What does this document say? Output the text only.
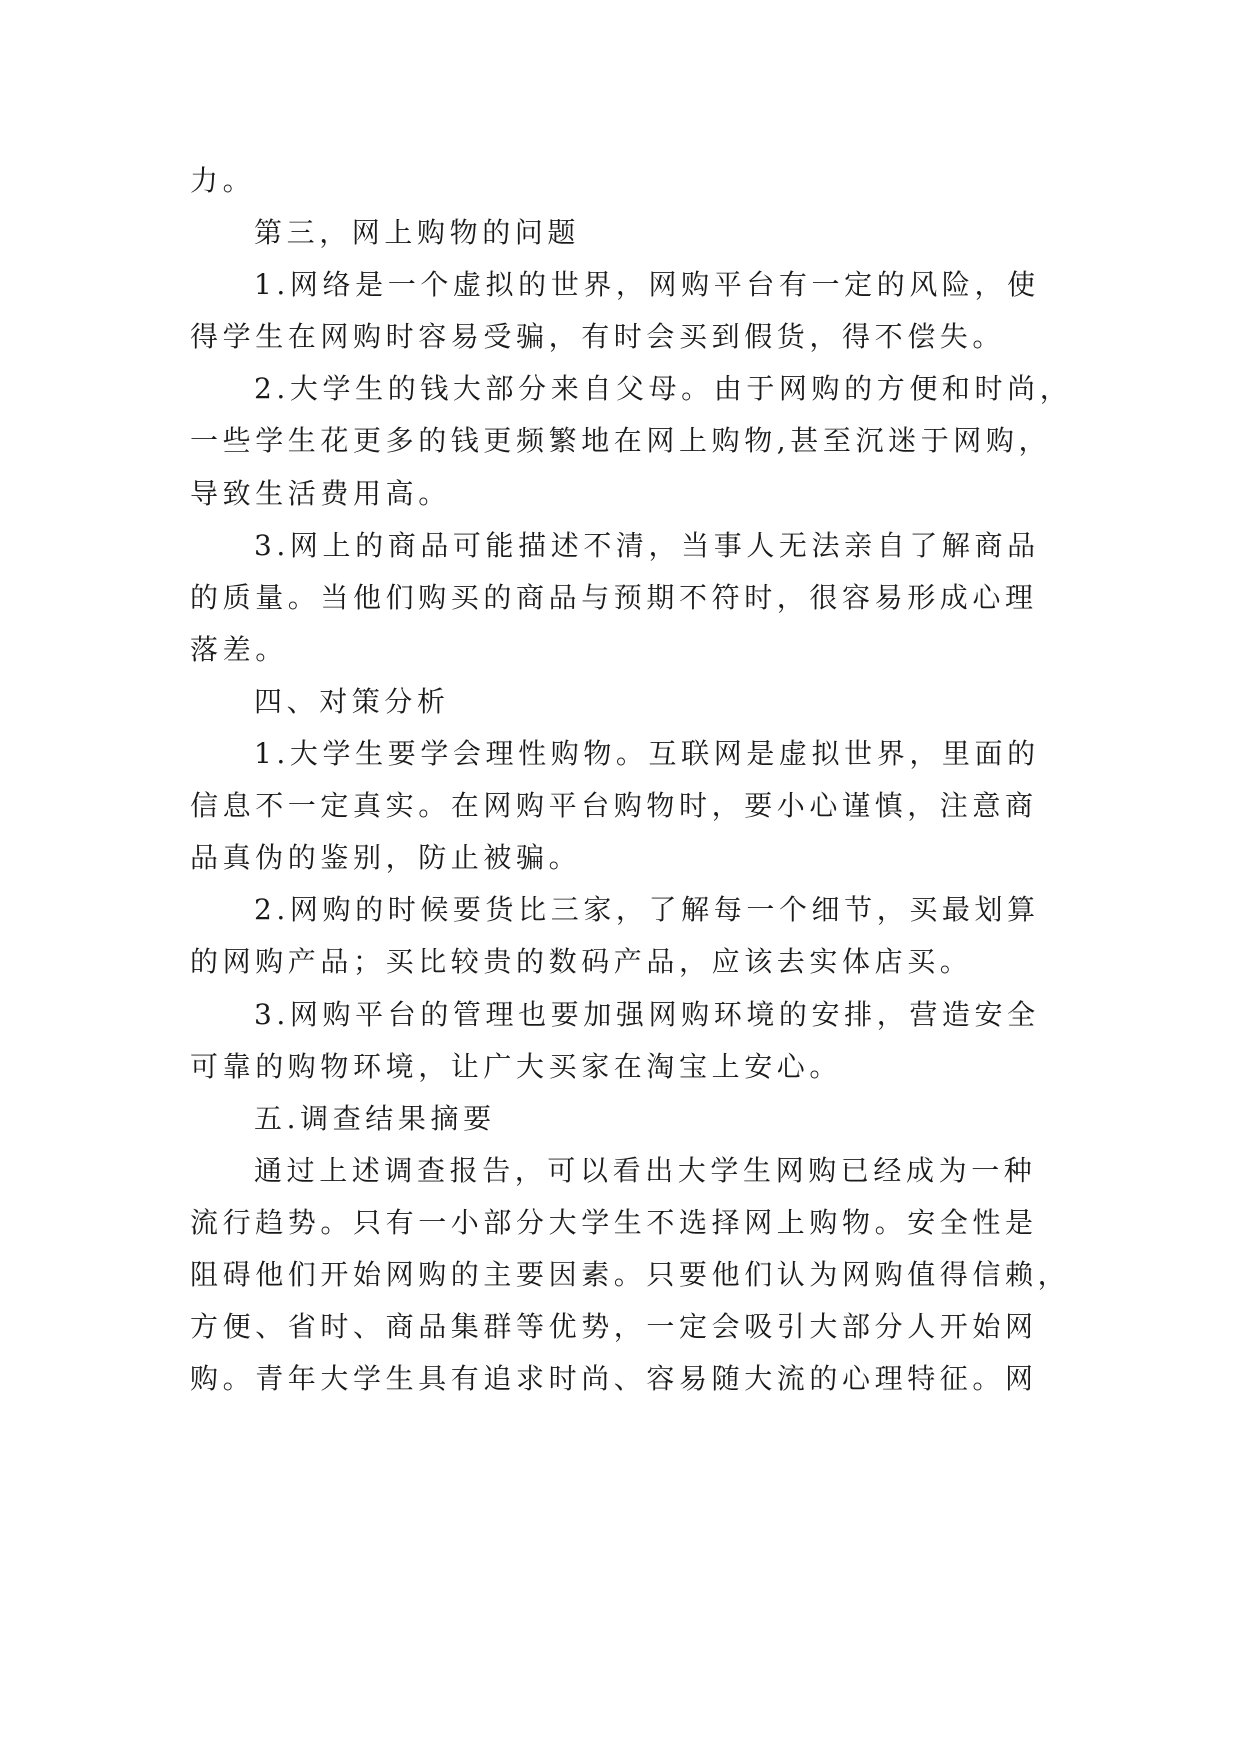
力。
第三，网上购物的问题
1.网络是一个虚拟的世界，网购平台有一定的风险，使
得学生在网购时容易受骗，有时会买到假货，得不偿失。
2.大学生的钱大部分来自父母。由于网购的方便和时尚，
一些学生花更多的钱更频繁地在网上购物,甚至沉迷于网购，
导致生活费用高。
3.网上的商品可能描述不清，当事人无法亲自了解商品
的质量。当他们购买的商品与预期不符时，很容易形成心理
落差。
四、对策分析
1.大学生要学会理性购物。互联网是虚拟世界，里面的
信息不一定真实。在网购平台购物时，要小心谨慎，注意商
品真伪的鉴别，防止被骗。
2.网购的时候要货比三家，了解每一个细节，买最划算
的网购产品；买比较贵的数码产品，应该去实体店买。
3.网购平台的管理也要加强网购环境的安排，营造安全
可靠的购物环境，让广大买家在淘宝上安心。
五.调查结果摘要
通过上述调查报告，可以看出大学生网购已经成为一种
流行趋势。只有一小部分大学生不选择网上购物。安全性是
阻碍他们开始网购的主要因素。只要他们认为网购值得信赖，
方便、省时、商品集群等优势，一定会吸引大部分人开始网
购。青年大学生具有追求时尚、容易随大流的心理特征。网
